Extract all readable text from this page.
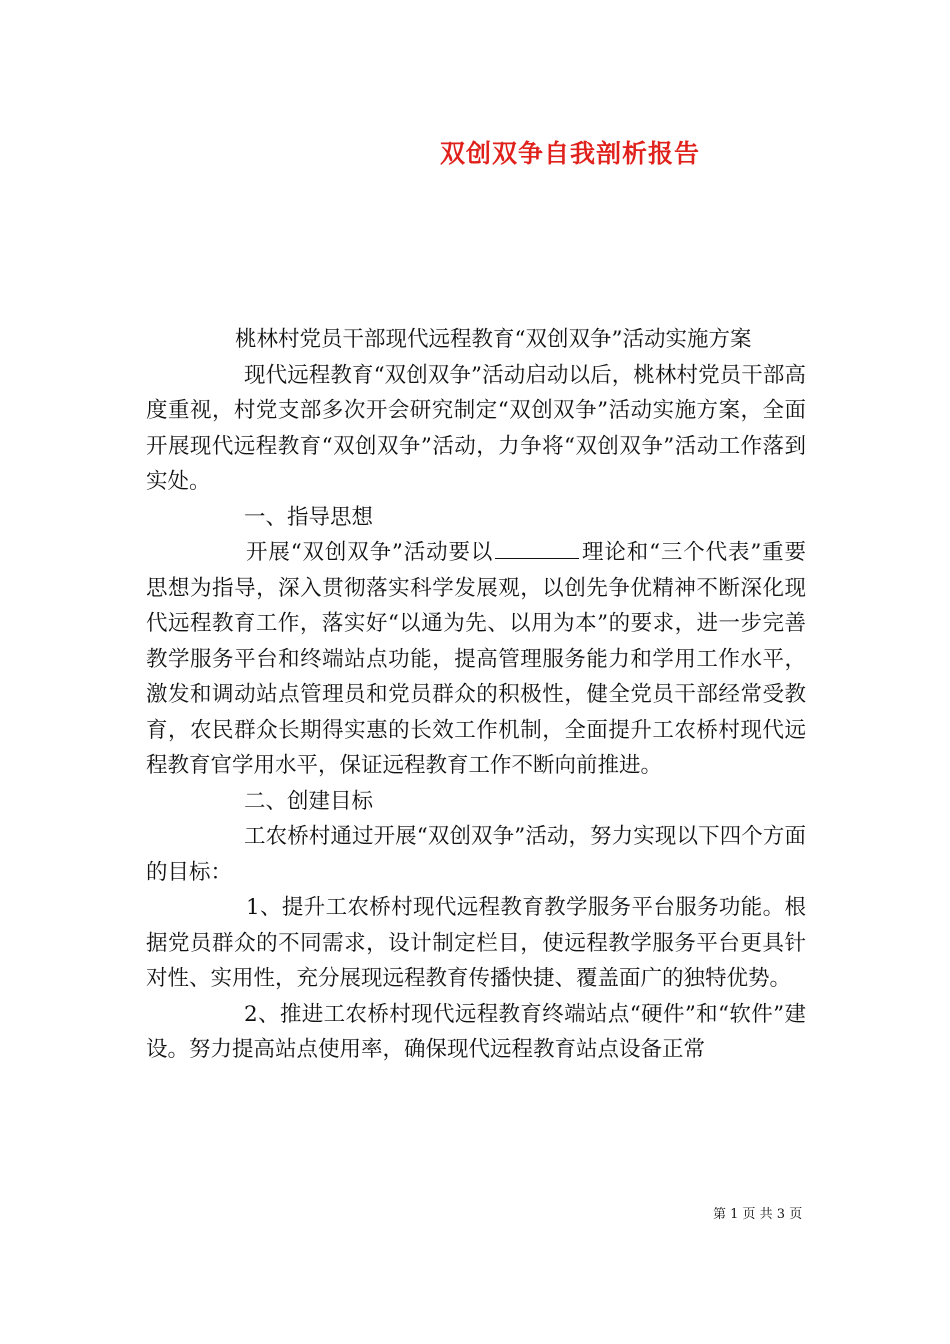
双创双争自我剖析报告

桃林村党员干部现代远程教育“双创双争”活动实施方案

现代远程教育“双创双争”活动启动以后，桃林村党员干部高度重视，村党支部多次开会研究制定“双创双争”活动实施方案，全面开展现代远程教育“双创双争”活动，力争将“双创双争”活动工作落到实处。

一、指导思想

开展“双创双争”活动要以	理论和“三个代表”重要思想为指导，深入贯彻落实科学发展观，以创先争优精神不断深化现代远程教育工作，落实好“以通为先、以用为本”的要求，进一步完善教学服务平台和终端站点功能，提高管理服务能力和学用工作水平，激发和调动站点管理员和党员群众的积极性，健全党员干部经常受教育，农民群众长期得实惠的长效工作机制，全面提升工农桥村现代远程教育官学用水平，保证远程教育工作不断向前推进。

二、创建目标

工农桥村通过开展“双创双争”活动，努力实现以下四个方面的目标：

1、提升工农桥村现代远程教育教学服务平台服务功能。根据党员群众的不同需求，设计制定栏目，使远程教学服务平台更具针对性、实用性，充分展现远程教育传播快捷、覆盖面广的独特优势。

2、推进工农桥村现代远程教育终端站点“硬件”和“软件”建设。努力提高站点使用率，确保现代远程教育站点设备正常

第 1 页 共 3 页
